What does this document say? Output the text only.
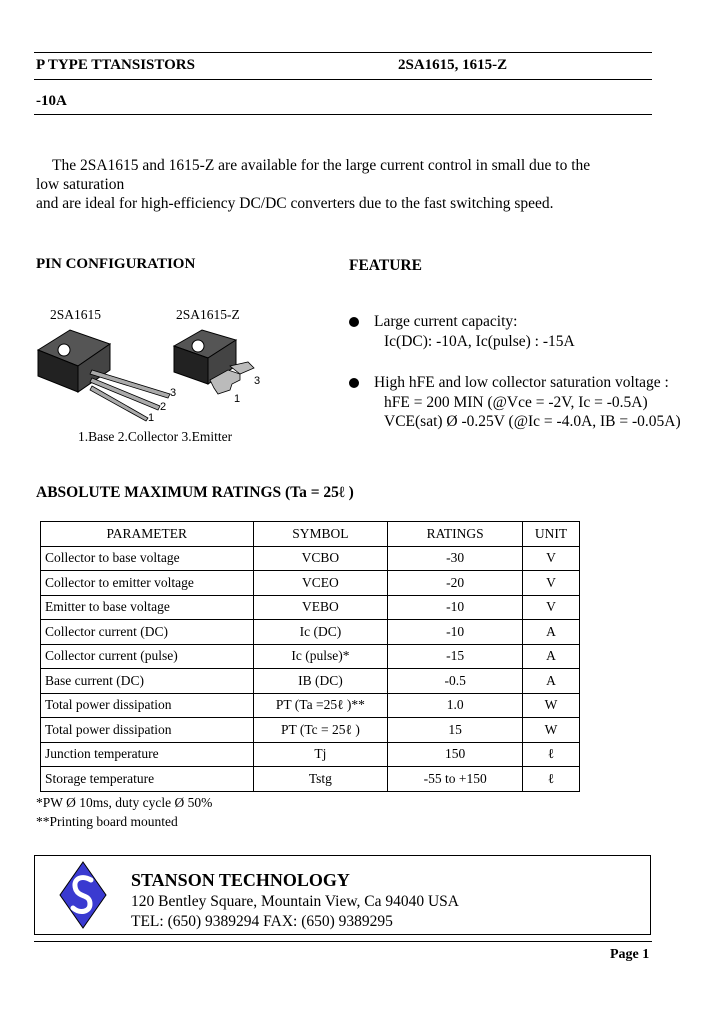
P TYPE TTANSISTORS	2SA1615, 1615-Z
-10A

The 2SA1615 and 1615-Z are available for the large current control in small due to the

low saturation

and are ideal for high-efficiency DC/DC converters due to the fast switching speed.

PIN CONFIGURATION
2SA1615	2SA1615-Z
3
2
1
3
1
1.Base 2.Collector 3.Emitter
FEATURE
Large current capacity:
Ic(DC): -10A, Ic(pulse) : -15A
High hFE and low collector saturation voltage :
hFE = 200 MIN (@Vce = -2V, Ic = -0.5A)
VCE(sat) Ø -0.25V (@Ic = -4.0A, IB = -0.05A)
ABSOLUTE MAXIMUM RATINGS (Ta = 25ℓ )
PARAMETER	SYMBOL	RATINGS	UNIT
Collector to base voltage	VCBO	-30	V
Collector to emitter voltage	VCEO	-20	V
Emitter to base voltage	VEBO	-10	V
Collector current (DC)	Ic (DC)	-10	A
Collector current (pulse)	Ic (pulse)*	-15	A
Base current (DC)	IB (DC)	-0.5	A
Total power dissipation	PT (Ta =25ℓ )**	1.0	W
Total power dissipation	PT (Tc = 25ℓ )	15	W
Junction temperature	Tj	150	ℓ
Storage temperature	Tstg	-55 to +150	ℓ
*PW Ø 10ms, duty cycle Ø 50%
**Printing board mounted
STANSON TECHNOLOGY
120 Bentley Square, Mountain View, Ca 94040 USA
TEL: (650) 9389294 FAX: (650) 9389295
Page 1
